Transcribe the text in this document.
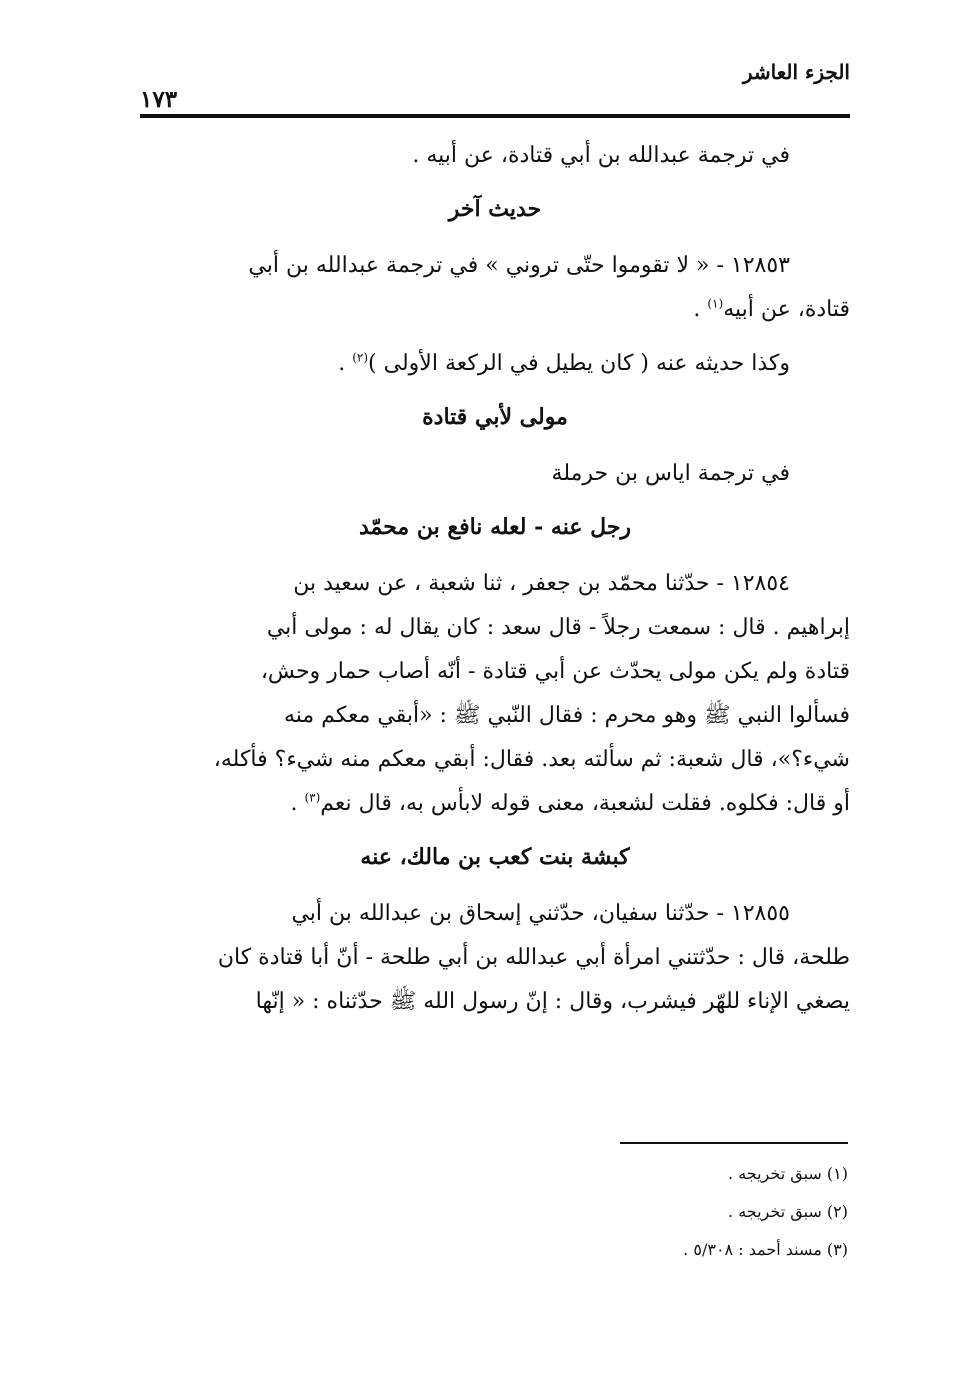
الجزء العاشر
١٧٣

في ترجمة عبدالله بن أبي قتادة، عن أبيه .

حديث آخر

١٢٨٥٣ - « لا تقوموا حتّى تروني » في ترجمة عبدالله بن أبي

قتادة، عن أبيه$^{(١)}$ .

وكذا حديثه عنه ( كان يطيل في الركعة الأولى )$^{(٢)}$ .

مولى لأبي قتادة

في ترجمة اياس بن حرملة

رجل عنه - لعله نافع بن محمّد

١٢٨٥٤ - حدّثنا محمّد بن جعفر ، ثنا شعبة ، عن سعيد بن

إبراهيم . قال : سمعت رجلاً - قال سعد : كان يقال له : مولى أبي

قتادة ولم يكن مولى يحدّث عن أبي قتادة - أنّه أصاب حمار وحش،

فسألوا النبي ﷺ وهو محرم : فقال النّبي ﷺ : «أبقي معكم منه

شيء؟»، قال شعبة: ثم سألته بعد. فقال: أبقي معكم منه شيء؟ فأكله،

أو قال: فكلوه. فقلت لشعبة، معنى قوله لابأس به، قال نعم$^{(٣)}$ .

كبشة بنت كعب بن مالك، عنه

١٢٨٥٥ - حدّثنا سفيان، حدّثني إسحاق بن عبدالله بن أبي

طلحة، قال : حدّثتني امرأة أبي عبدالله بن أبي طلحة - أنّ أبا قتادة كان

يصغي الإناء للهّر فيشرب، وقال : إنّ رسول الله ﷺ حدّثناه : « إنّها

(١) سبق تخريجه .

(٢) سبق تخريجه .

(٣) مسند أحمد : ٥/٣٠٨ .
